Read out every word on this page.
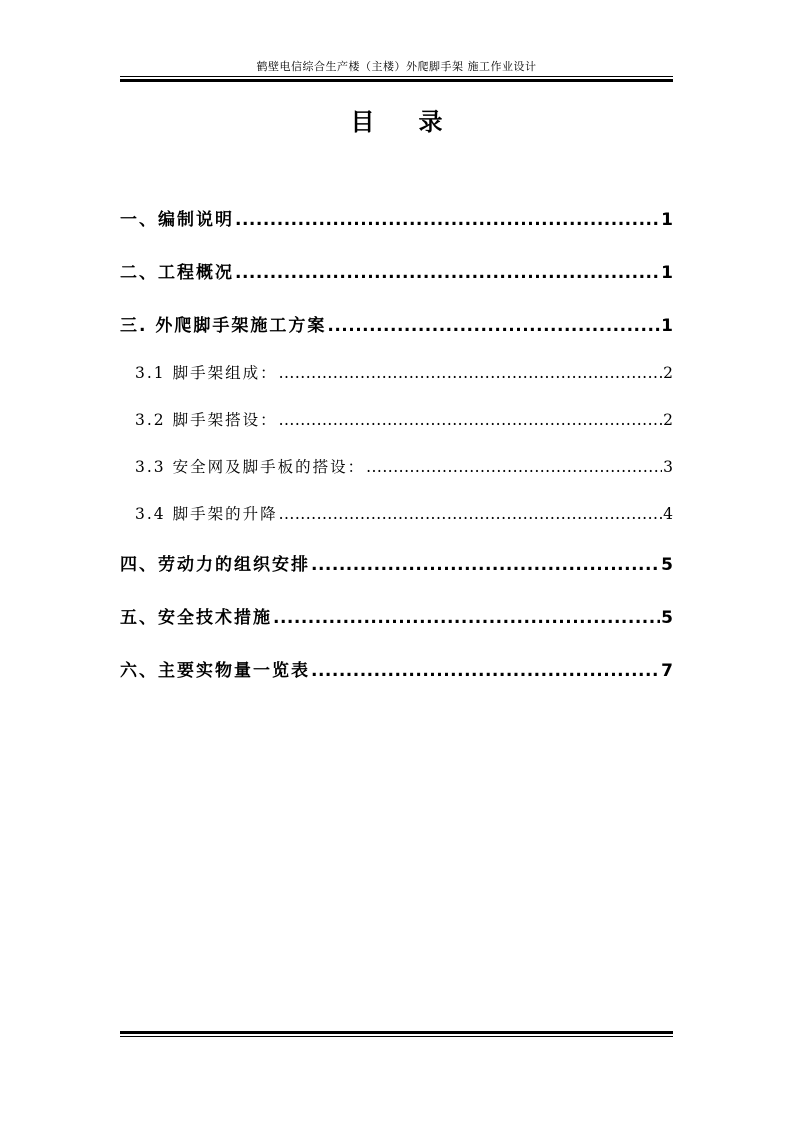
鹤壁电信综合生产楼（主楼）外爬脚手架 施工作业设计
目录
一、编制说明 .....	1
二、工程概况 .....	1
三. 外爬脚手架施工方案 .....	1
3.1 脚手架组成： .....	2
3.2 脚手架搭设： .....	2
3.3 安全网及脚手板的搭设： .....	3
3.4 脚手架的升降 .....	4
四、劳动力的组织安排 .....	5
五、安全技术措施 .....	5
六、主要实物量一览表 .....	7
